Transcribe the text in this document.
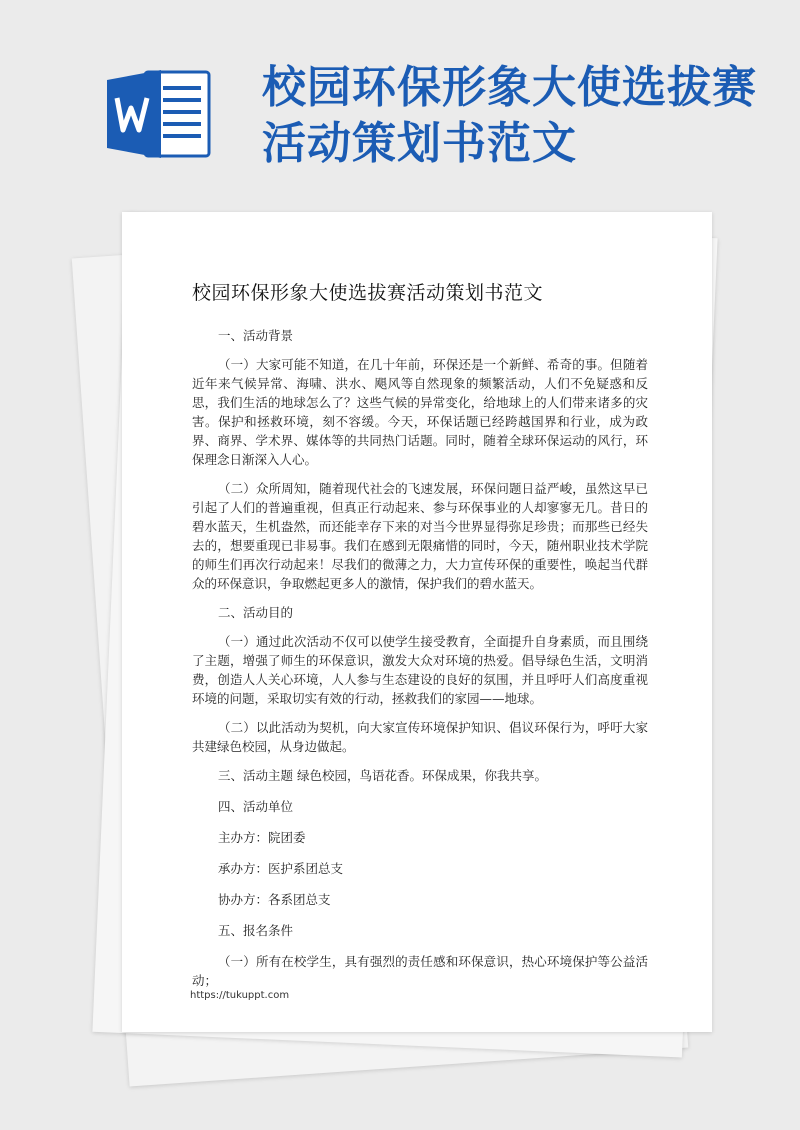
校园环保形象大使选拔赛活动策划书范文
校园环保形象大使选拔赛活动策划书范文
一、活动背景
（一）大家可能不知道，在几十年前，环保还是一个新鲜、希奇的事。但随着近年来气候异常、海啸、洪水、飓风等自然现象的频繁活动，人们不免疑惑和反思，我们生活的地球怎么了？这些气候的异常变化，给地球上的人们带来诸多的灾害。保护和拯救环境，刻不容缓。今天，环保话题已经跨越国界和行业，成为政界、商界、学术界、媒体等的共同热门话题。同时，随着全球环保运动的风行，环保理念日渐深入人心。
（二）众所周知，随着现代社会的飞速发展，环保问题日益严峻，虽然这早已引起了人们的普遍重视，但真正行动起来、参与环保事业的人却寥寥无几。昔日的碧水蓝天，生机盎然，而还能幸存下来的对当今世界显得弥足珍贵；而那些已经失去的，想要重现已非易事。我们在感到无限痛惜的同时，今天，随州职业技术学院的师生们再次行动起来！尽我们的微薄之力，大力宣传环保的重要性，唤起当代群众的环保意识，争取燃起更多人的激情，保护我们的碧水蓝天。
二、活动目的
（一）通过此次活动不仅可以使学生接受教育，全面提升自身素质，而且围绕了主题，增强了师生的环保意识，激发大众对环境的热爱。倡导绿色生活，文明消费，创造人人关心环境，人人参与生态建设的良好的氛围，并且呼吁人们高度重视环境的问题，采取切实有效的行动，拯救我们的家园——地球。
（二）以此活动为契机，向大家宣传环境保护知识、倡议环保行为，呼吁大家共建绿色校园，从身边做起。
三、活动主题 绿色校园，鸟语花香。环保成果，你我共享。
四、活动单位
主办方：院团委
承办方：医护系团总支
协办方：各系团总支
五、报名条件
（一）所有在校学生，具有强烈的责任感和环保意识，热心环境保护等公益活动；
https://tukuppt.com
